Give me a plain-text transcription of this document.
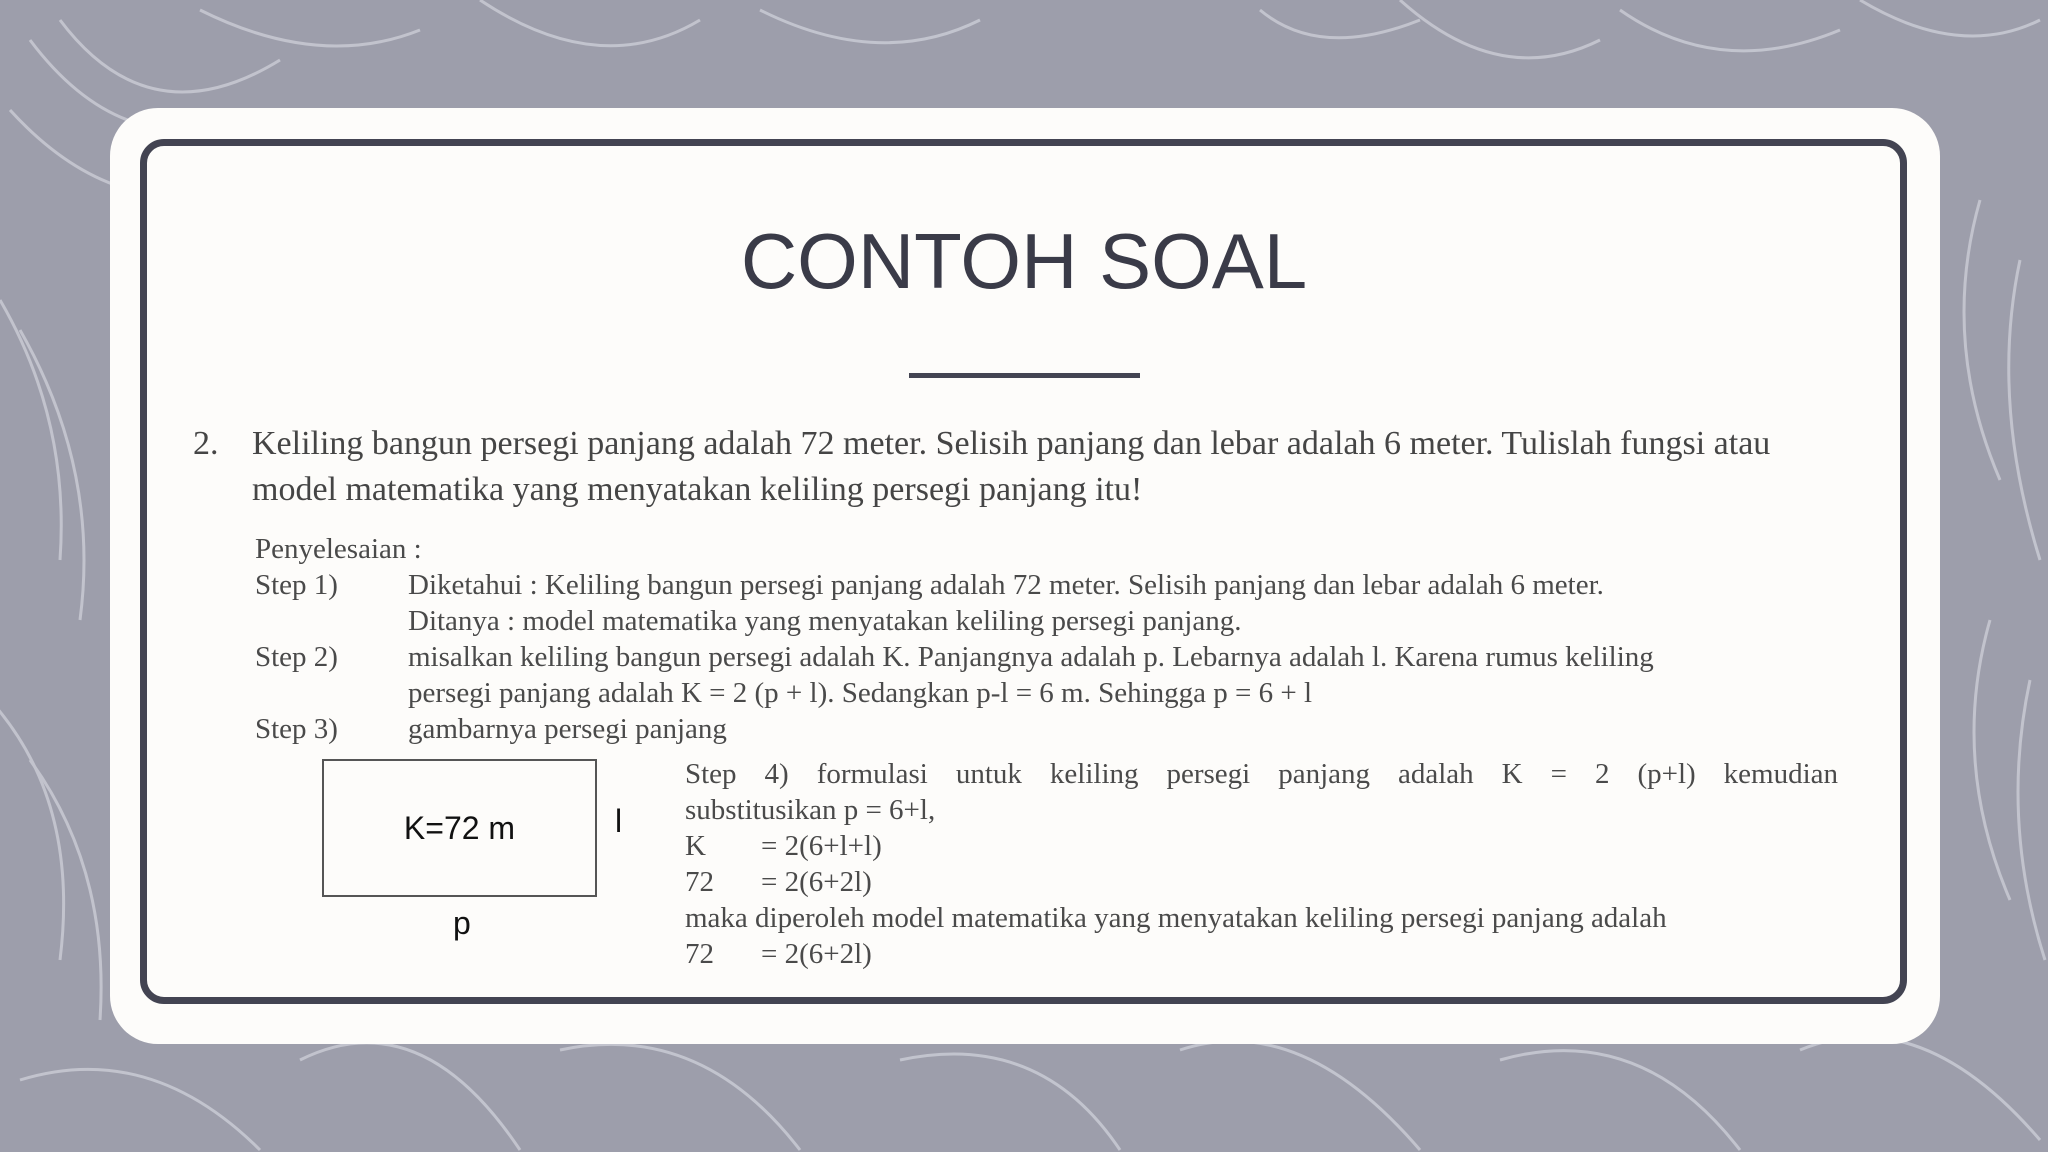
CONTOH SOAL
2. Keliling bangun persegi panjang adalah 72 meter. Selisih panjang dan lebar adalah 6 meter. Tulislah fungsi atau model matematika yang menyatakan keliling persegi panjang itu!
Penyelesaian :
Step 1) Diketahui : Keliling bangun persegi panjang adalah 72 meter. Selisih panjang dan lebar adalah 6 meter.
Ditanya : model matematika yang menyatakan keliling persegi panjang.
Step 2) misalkan keliling bangun persegi adalah K. Panjangnya adalah p. Lebarnya adalah l. Karena rumus keliling
persegi panjang adalah K = 2 (p + l). Sedangkan p-l = 6 m. Sehingga p = 6 + l
Step 3) gambarnya persegi panjang
K=72 m	l
p
Step 4) formulasi untuk keliling persegi panjang adalah K = 2 (p+l) kemudian
substitusikan p = 6+l,
K = 2(6+l+l)
72 = 2(6+2l)
maka diperoleh model matematika yang menyatakan keliling persegi panjang adalah
72 = 2(6+2l)
